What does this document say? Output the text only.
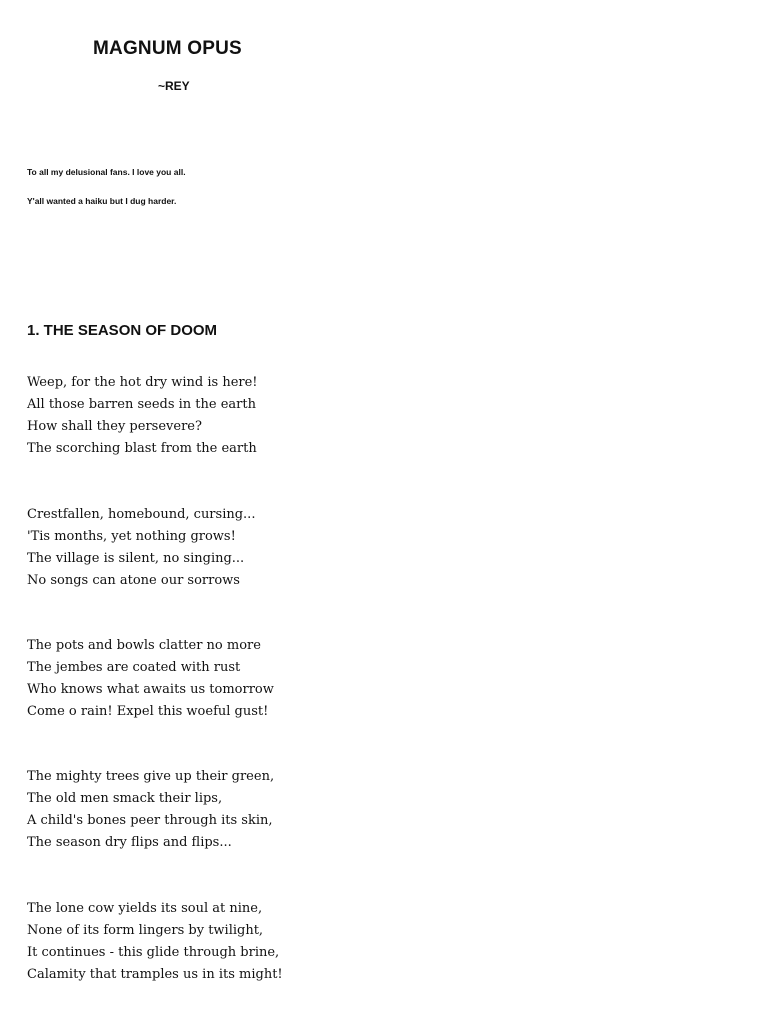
MAGNUM OPUS
~REY

To all my delusional fans. I love you all.

Y'all wanted a haiku but I dug harder.

1. THE SEASON OF DOOM
Weep, for the hot dry wind is here!
All those barren seeds in the earth
How shall they persevere?
The scorching blast from the earth
Crestfallen, homebound, cursing...
'Tis months, yet nothing grows!
The village is silent, no singing...
No songs can atone our sorrows
The pots and bowls clatter no more
The jembes are coated with rust
Who knows what awaits us tomorrow
Come o rain! Expel this woeful gust!
The mighty trees give up their green,
The old men smack their lips,
A child's bones peer through its skin,
The season dry flips and flips...
The lone cow yields its soul at nine,
None of its form lingers by twilight,
It continues - this glide through brine,
Calamity that tramples us in its might!
